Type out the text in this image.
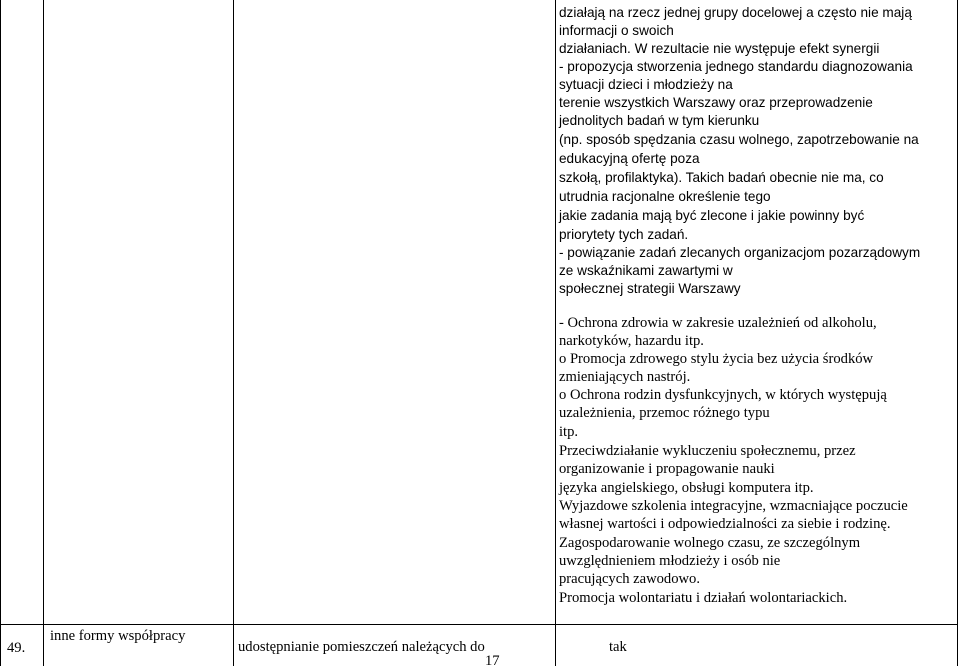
działają na rzecz jednej grupy docelowej a często nie mają
informacji o swoich
działaniach. W rezultacie nie występuje efekt synergii
- propozycja stworzenia jednego standardu diagnozowania
sytuacji dzieci i młodzieży na
terenie wszystkich Warszawy oraz przeprowadzenie
jednolitych badań w tym kierunku
(np. sposób spędzania czasu wolnego, zapotrzebowanie na
edukacyjną ofertę poza
szkołą, profilaktyka). Takich badań obecnie nie ma, co
utrudnia racjonalne określenie tego
jakie zadania mają być zlecone i jakie powinny być
priorytety tych zadań.
- powiązanie zadań zlecanych organizacjom pozarządowym
ze wskaźnikami zawartymi w
społecznej strategii Warszawy
- Ochrona zdrowia w zakresie uzależnień od alkoholu,
narkotyków, hazardu itp.
o Promocja zdrowego stylu życia bez użycia środków
zmieniających nastrój.
o Ochrona rodzin dysfunkcyjnych, w których występują
uzależnienia, przemoc różnego typu
itp.
Przeciwdziałanie wykluczeniu społecznemu, przez
organizowanie i propagowanie nauki
języka angielskiego, obsługi komputera itp.
Wyjazdowe szkolenia integracyjne, wzmacniające poczucie
własnej wartości i odpowiedzialności za siebie i rodzinę.
Zagospodarowanie wolnego czasu, ze szczególnym
uwzględnieniem młodzieży i osób nie
pracujących zawodowo.
Promocja wolontariatu i działań wolontariackich.
49.
inne formy współpracy
udostępnianie pomieszczeń należących do	tak
17
